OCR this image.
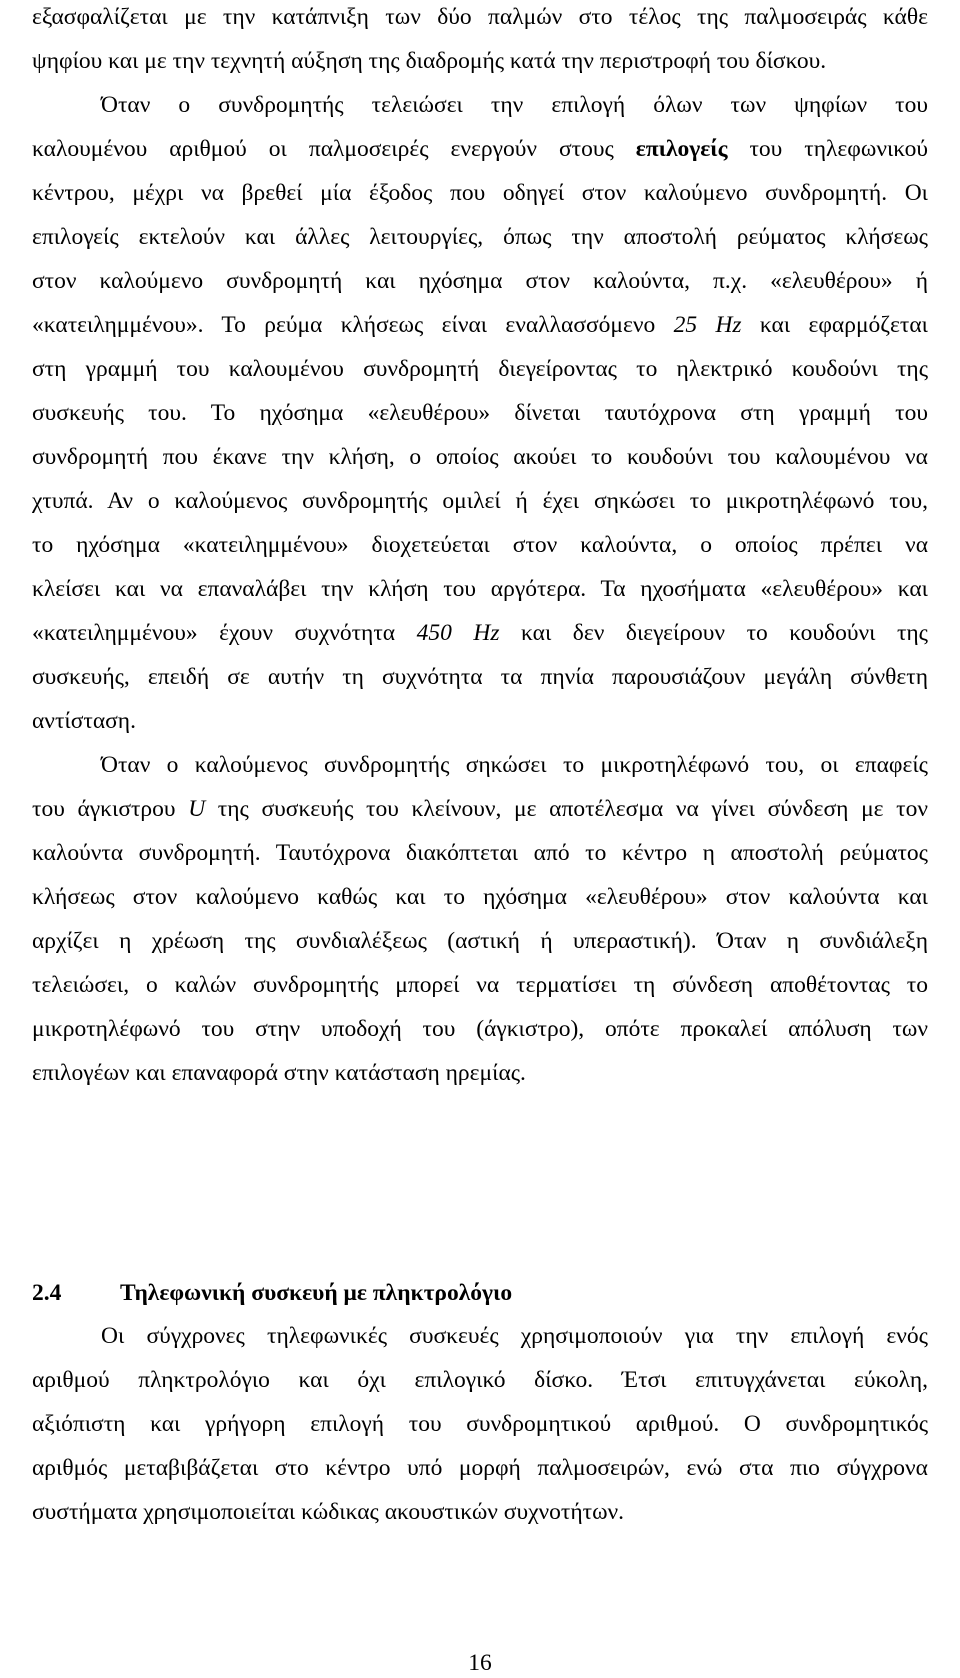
εξασφαλίζεται με την κατάπνιξη των δύο παλμών στο τέλος της παλμοσειράς κάθε
ψηφίου και με την τεχνητή αύξηση της διαδρομής κατά την περιστροφή του δίσκου.
Όταν ο συνδρομητής τελειώσει την επιλογή όλων των ψηφίων του
καλουμένου αριθμού οι παλμοσειρές ενεργούν στους επιλογείς του τηλεφωνικού
κέντρου, μέχρι να βρεθεί μία έξοδος που οδηγεί στον καλούμενο συνδρομητή. Οι
επιλογείς εκτελούν και άλλες λειτουργίες, όπως την αποστολή ρεύματος κλήσεως
στον καλούμενο συνδρομητή και ηχόσημα στον καλούντα, π.χ. «ελευθέρου» ή
«κατειλημμένου». Το ρεύμα κλήσεως είναι εναλλασσόμενο 25 Hz και εφαρμόζεται
στη γραμμή του καλουμένου συνδρομητή διεγείροντας το ηλεκτρικό κουδούνι της
συσκευής του. Το ηχόσημα «ελευθέρου» δίνεται ταυτόχρονα στη γραμμή του
συνδρομητή που έκανε την κλήση, ο οποίος ακούει το κουδούνι του καλουμένου να
χτυπά. Αν ο καλούμενος συνδρομητής ομιλεί ή έχει σηκώσει το μικροτηλέφωνό του,
το ηχόσημα «κατειλημμένου» διοχετεύεται στον καλούντα, ο οποίος πρέπει να
κλείσει και να επαναλάβει την κλήση του αργότερα. Τα ηχοσήματα «ελευθέρου» και
«κατειλημμένου» έχουν συχνότητα 450 Hz και δεν διεγείρουν το κουδούνι της
συσκευής, επειδή σε αυτήν τη συχνότητα τα πηνία παρουσιάζουν μεγάλη σύνθετη
αντίσταση.
Όταν ο καλούμενος συνδρομητής σηκώσει το μικροτηλέφωνό του, οι επαφείς
του άγκιστρου U της συσκευής του κλείνουν, με αποτέλεσμα να γίνει σύνδεση με τον
καλούντα συνδρομητή. Ταυτόχρονα διακόπτεται από το κέντρο η αποστολή ρεύματος
κλήσεως στον καλούμενο καθώς και το ηχόσημα «ελευθέρου» στον καλούντα και
αρχίζει η χρέωση της συνδιαλέξεως (αστική ή υπεραστική). Όταν η συνδιάλεξη
τελειώσει, ο καλών συνδρομητής μπορεί να τερματίσει τη σύνδεση αποθέτοντας το
μικροτηλέφωνό του στην υποδοχή του (άγκιστρο), οπότε προκαλεί απόλυση των
επιλογέων και επαναφορά στην κατάσταση ηρεμίας.
2.4 Τηλεφωνική συσκευή με πληκτρολόγιο
Οι σύγχρονες τηλεφωνικές συσκευές χρησιμοποιούν για την επιλογή ενός
αριθμού πληκτρολόγιο και όχι επιλογικό δίσκο. Έτσι επιτυγχάνεται εύκολη,
αξιόπιστη και γρήγορη επιλογή του συνδρομητικού αριθμού. Ο συνδρομητικός
αριθμός μεταβιβάζεται στο κέντρο υπό μορφή παλμοσειρών, ενώ στα πιο σύγχρονα
συστήματα χρησιμοποιείται κώδικας ακουστικών συχνοτήτων.
16
